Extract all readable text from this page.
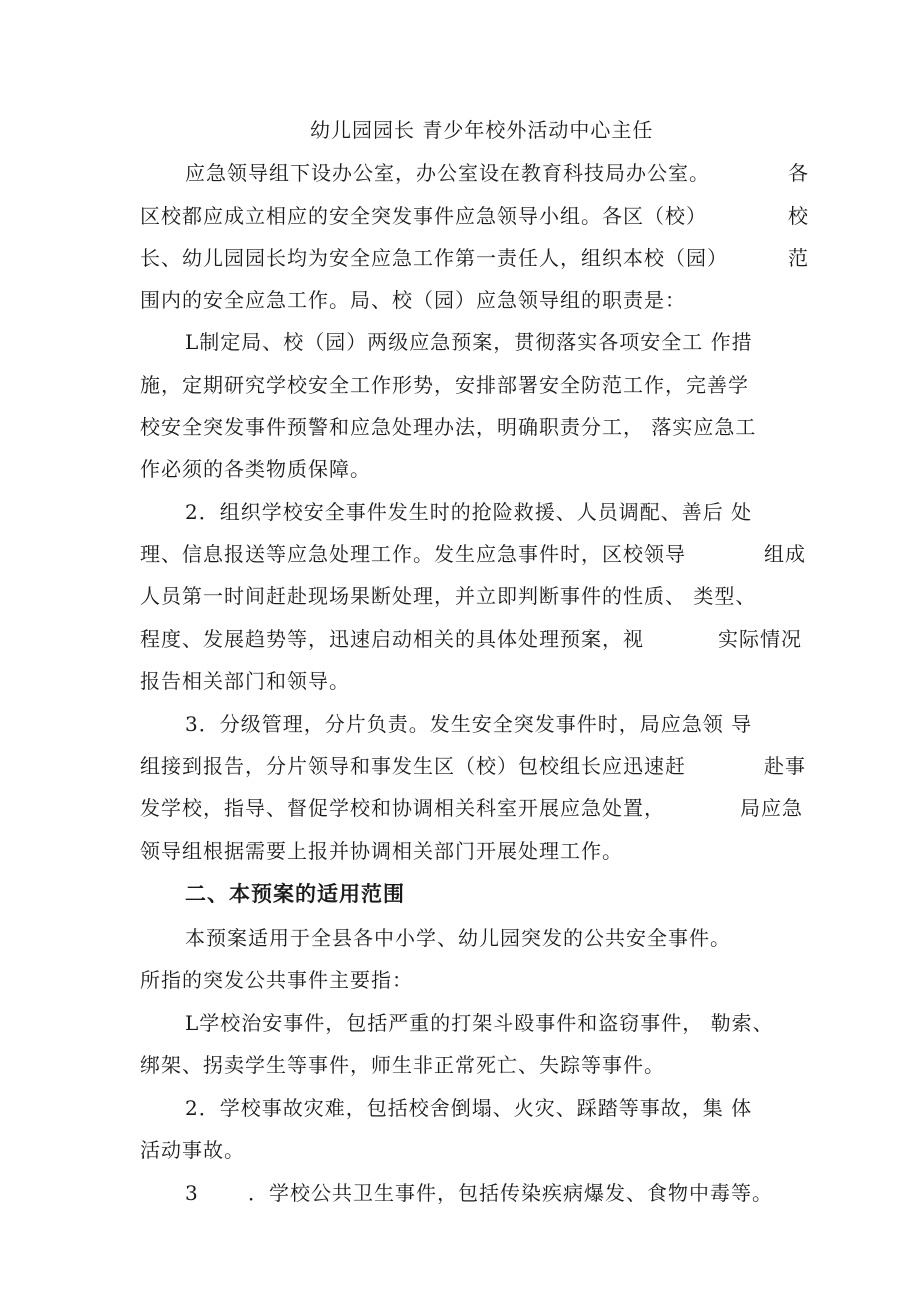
幼儿园园长 青少年校外活动中心主任
应急领导组下设办公室，办公室设在教育科技局办公室。	各
区校都应成立相应的安全突发事件应急领导小组。各区（校）	校
长、幼儿园园长均为安全应急工作第一责任人，组织本校（园）	范
围内的安全应急工作。局、校（园）应急领导组的职责是：
L制定局、校（园）两级应急预案，贯彻落实各项安全工 作措
施，定期研究学校安全工作形势，安排部署安全防范工作，完善学
校安全突发事件预警和应急处理办法，明确职责分工， 落实应急工
作必须的各类物质保障。
2．组织学校安全事件发生时的抢险救援、人员调配、善后 处
理、信息报送等应急处理工作。发生应急事件时，区校领导	组成
人员第一时间赶赴现场果断处理，并立即判断事件的性质、 类型、
程度、发展趋势等，迅速启动相关的具体处理预案，视	实际情况
报告相关部门和领导。
3．分级管理，分片负责。发生安全突发事件时，局应急领 导
组接到报告，分片领导和事发生区（校）包校组长应迅速赶	赴事
发学校，指导、督促学校和协调相关科室开展应急处置，	局应急
领导组根据需要上报并协调相关部门开展处理工作。
二、本预案的适用范围
本预案适用于全县各中小学、幼儿园突发的公共安全事件。
所指的突发公共事件主要指：
L学校治安事件，包括严重的打架斗殴事件和盗窃事件， 勒索、
绑架、拐卖学生等事件，师生非正常死亡、失踪等事件。
2．学校事故灾难，包括校舍倒塌、火灾、踩踏等事故，集 体
活动事故。
3 ．学校公共卫生事件，包括传染疾病爆发、食物中毒等。
